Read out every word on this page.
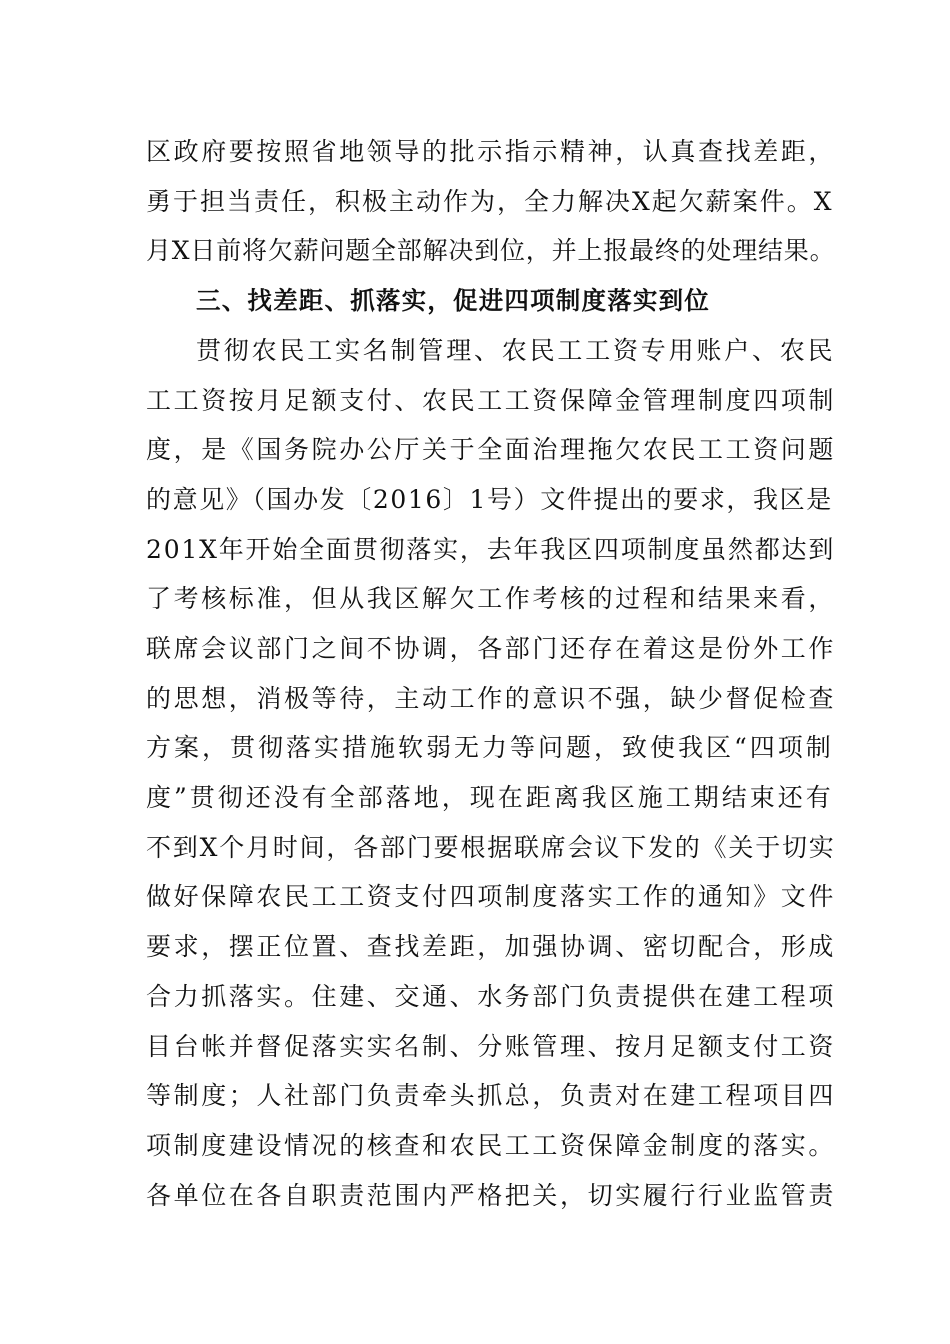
区政府要按照省地领导的批示指示精神，认真查找差距，
勇于担当责任，积极主动作为，全力解决X起欠薪案件。X
月X日前将欠薪问题全部解决到位，并上报最终的处理结果。
三、找差距、抓落实，促进四项制度落实到位
贯彻农民工实名制管理、农民工工资专用账户、农民
工工资按月足额支付、农民工工资保障金管理制度四项制
度，是《国务院办公厅关于全面治理拖欠农民工工资问题
的意见》（国办发〔2016〕1号）文件提出的要求，我区是
201X年开始全面贯彻落实，去年我区四项制度虽然都达到
了考核标准，但从我区解欠工作考核的过程和结果来看，
联席会议部门之间不协调，各部门还存在着这是份外工作
的思想，消极等待，主动工作的意识不强，缺少督促检查
方案，贯彻落实措施软弱无力等问题，致使我区“四项制
度”贯彻还没有全部落地，现在距离我区施工期结束还有
不到X个月时间，各部门要根据联席会议下发的《关于切实
做好保障农民工工资支付四项制度落实工作的通知》文件
要求，摆正位置、查找差距，加强协调、密切配合，形成
合力抓落实。住建、交通、水务部门负责提供在建工程项
目台帐并督促落实实名制、分账管理、按月足额支付工资
等制度；人社部门负责牵头抓总，负责对在建工程项目四
项制度建设情况的核查和农民工工资保障金制度的落实。
各单位在各自职责范围内严格把关，切实履行行业监管责
